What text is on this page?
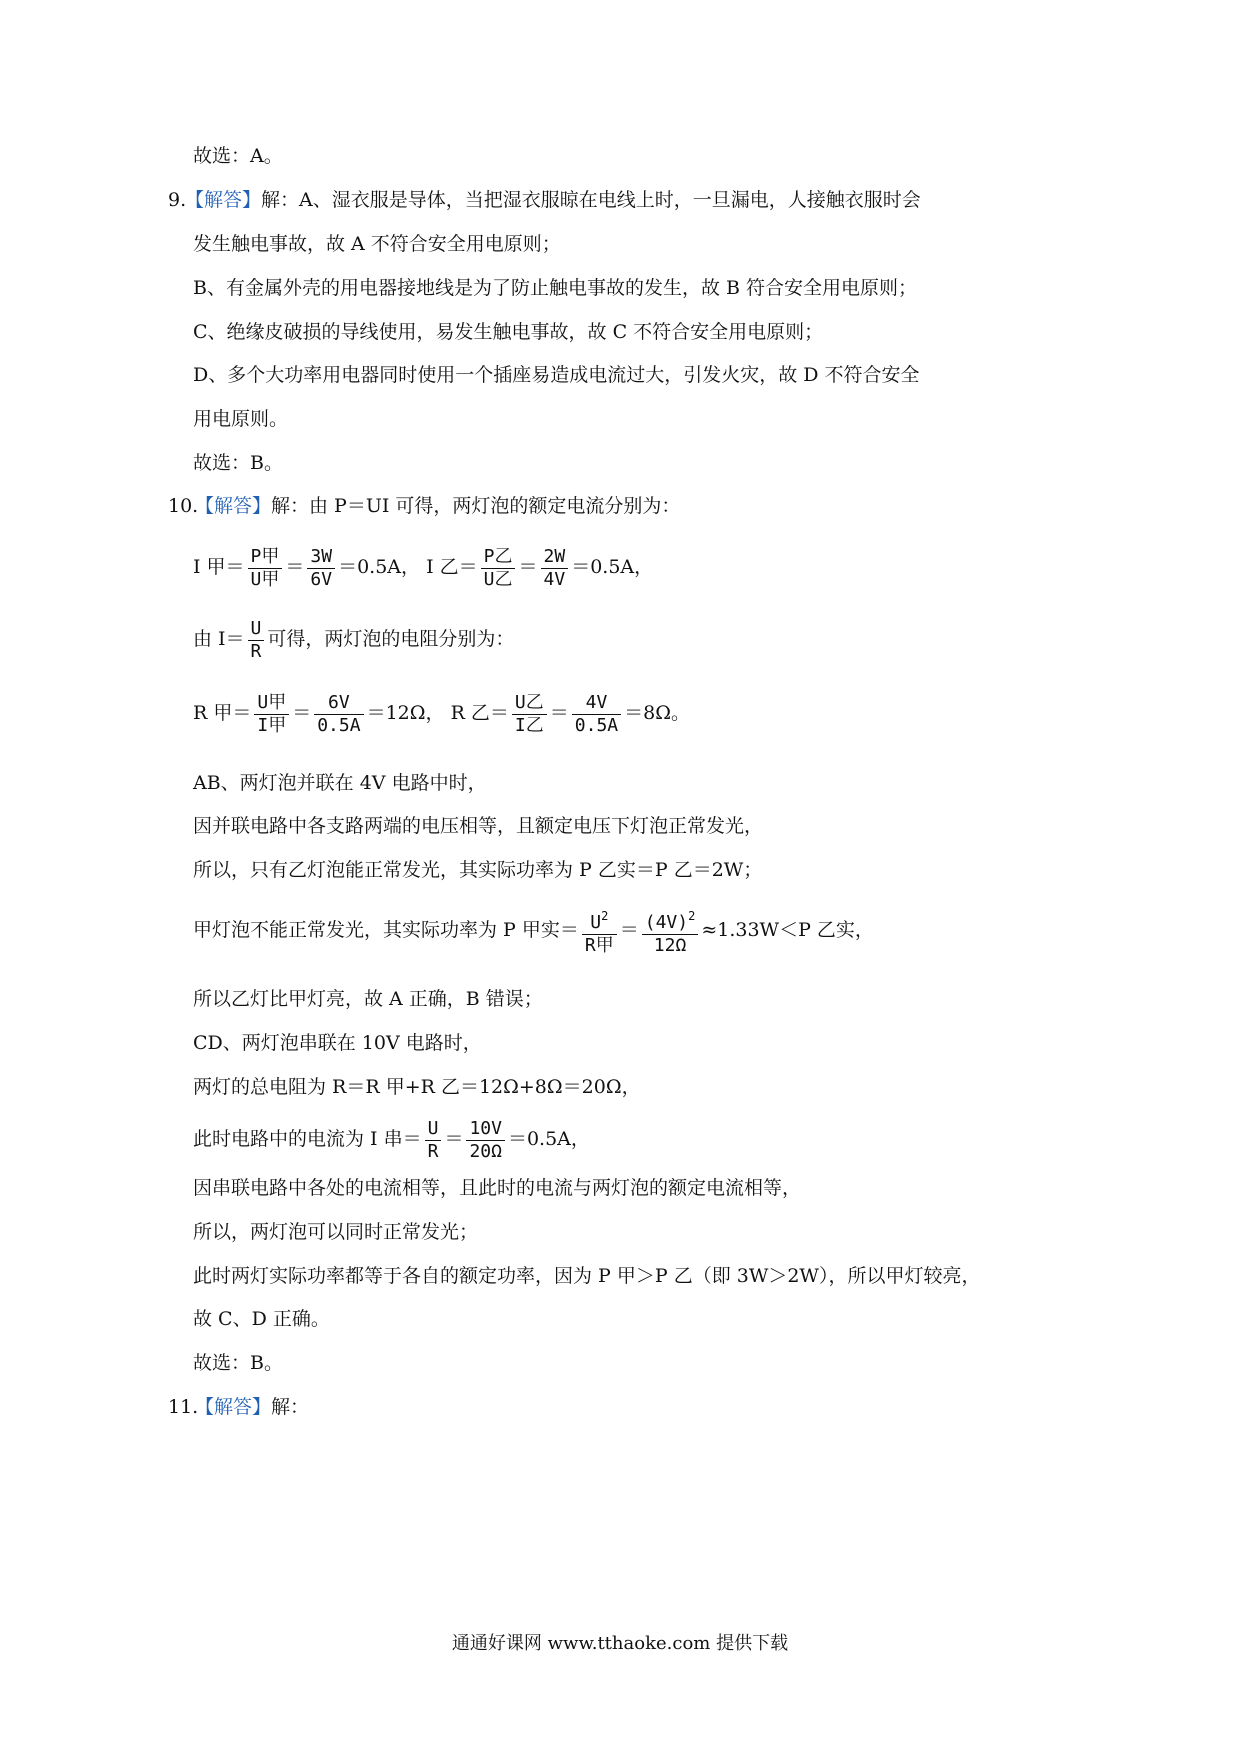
故选：A。
9.
【解答】解：A、湿衣服是导体，当把湿衣服晾在电线上时，一旦漏电，人接触衣服时会
发生触电事故，故 A 不符合安全用电原则；
B、有金属外壳的用电器接地线是为了防止触电事故的发生，故 B 符合安全用电原则；
C、绝缘皮破损的导线使用，易发生触电事故，故 C 不符合安全用电原则；
D、多个大功率用电器同时使用一个插座易造成电流过大，引发火灾，故 D 不符合安全
用电原则。
故选：B。
10.
【解答】解：由 P＝UI 可得，两灯泡的额定电流分别为：
I 甲＝ $\frac{\text{P甲}}{\text{U甲}} = \frac{3W}{6V} =0.5A$， I 乙＝ $\frac{\text{P乙}}{\text{U乙}} = \frac{2W}{4V} =0.5A$，
由 $I= \frac{U}{R}$ 可得，两灯泡的电阻分别为：
R 甲＝ $\frac{\text{U甲}}{\text{I甲}} = \frac{6V}{0.5A} =12\Omega$， R 乙＝ $\frac{\text{U乙}}{\text{I乙}} = \frac{4V}{0.5A} =8\Omega$。
AB、两灯泡并联在 4V 电路中时，
因并联电路中各支路两端的电压相等，且额定电压下灯泡正常发光，
所以，只有乙灯泡能正常发光，其实际功率为 P 乙实＝P 乙＝2W；
甲灯泡不能正常发光，其实际功率为 P 甲实＝ $\frac{U^2}{\text{R甲}} = \frac{(4V)^2}{12\Omega} \approx 1.33W<P$ 乙实，
所以乙灯比甲灯亮，故 A 正确，B 错误；
CD、两灯泡串联在 10V 电路时，
两灯的总电阻为 R＝R 甲+R 乙＝12Ω+8Ω＝20Ω，
此时电路中的电流为 I 串＝ $\frac{U}{R} = \frac{10V}{20\Omega} =0.5A$，
因串联电路中各处的电流相等，且此时的电流与两灯泡的额定电流相等，
所以，两灯泡可以同时正常发光；
此时两灯实际功率都等于各自的额定功率，因为 P 甲＞P 乙（即 3W＞2W），所以甲灯较亮，
故 C、D 正确。
故选：B。
11.
【解答】解：
通通好课网 www.tthaoke.com 提供下载
